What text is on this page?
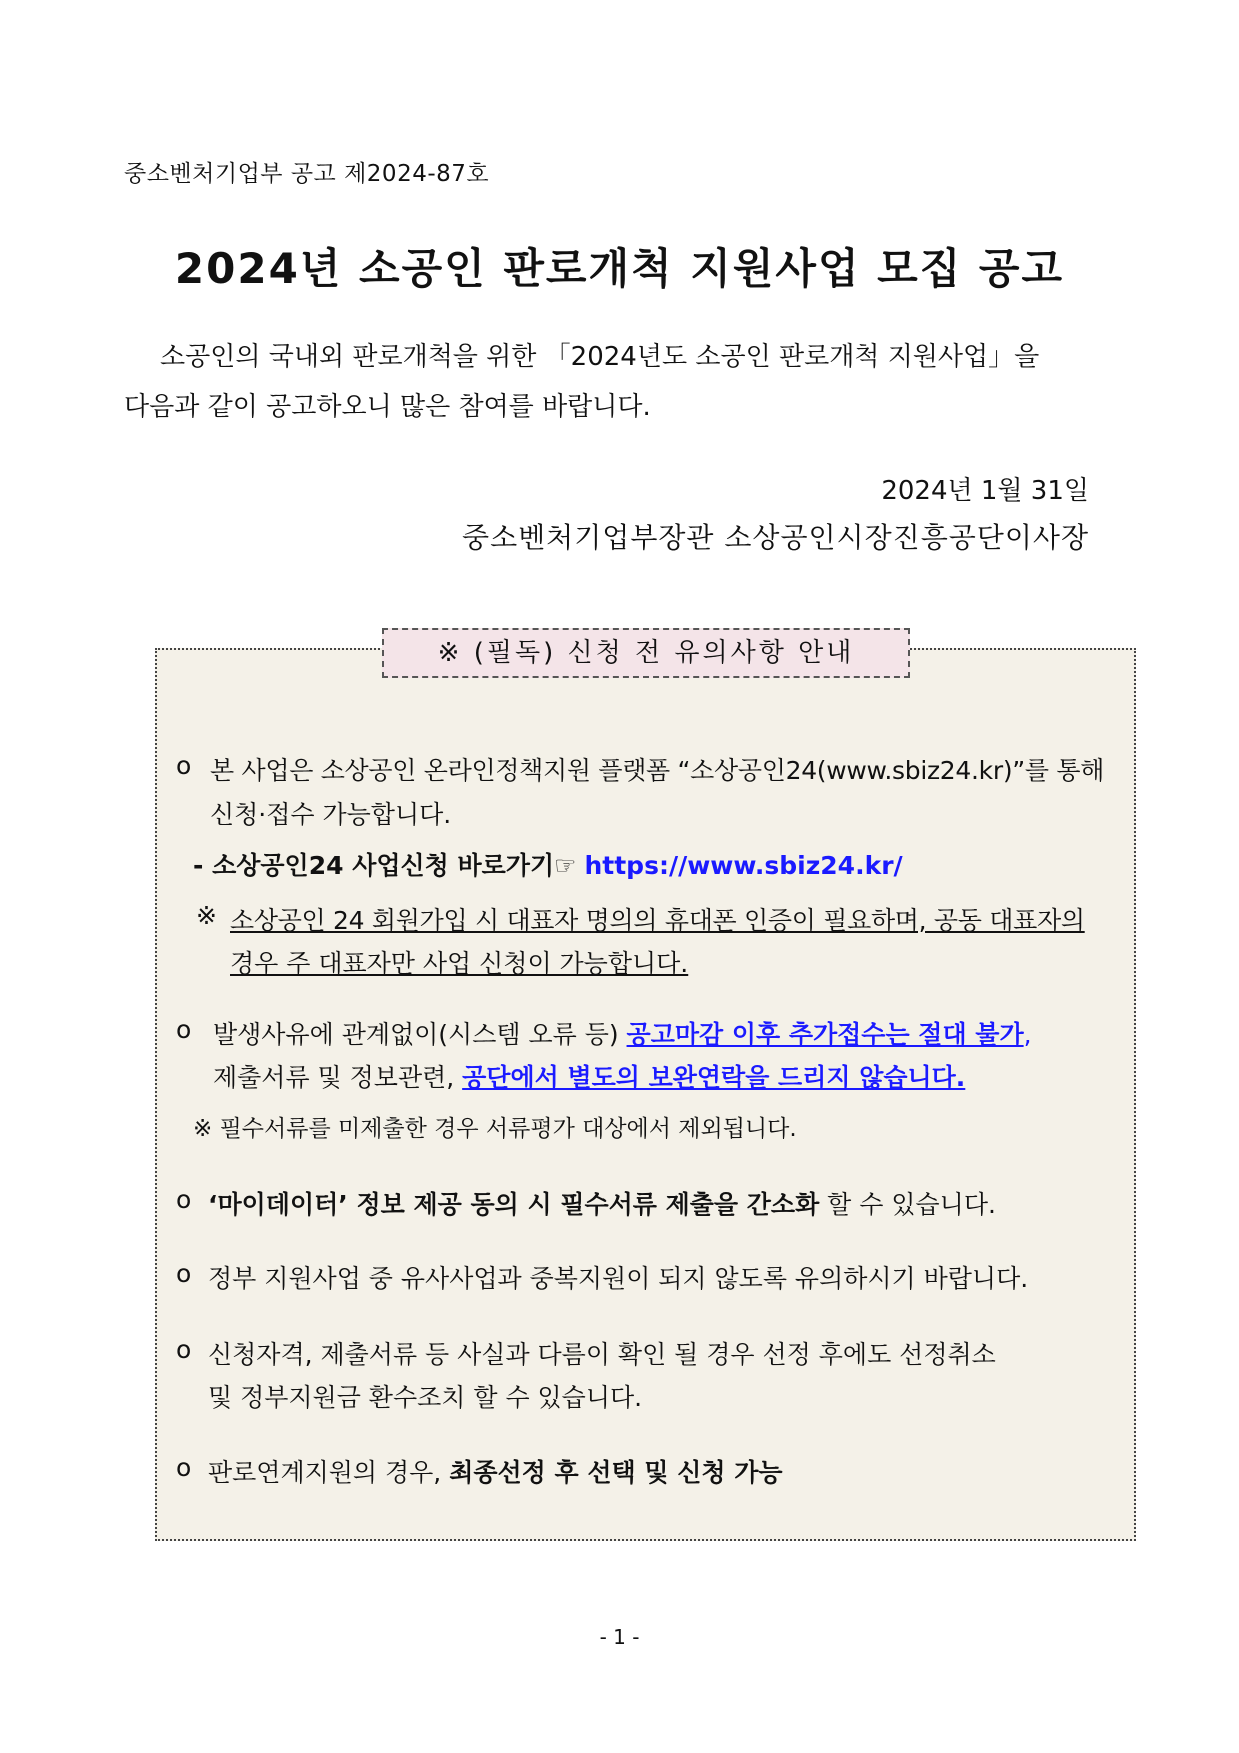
중소벤처기업부 공고 제2024-87호
2024년 소공인 판로개척 지원사업 모집 공고
소공인의 국내외 판로개척을 위한 「2024년도 소공인 판로개척 지원사업」을
다음과 같이 공고하오니 많은 참여를 바랍니다.
2024년 1월 31일
중소벤처기업부장관 소상공인시장진흥공단이사장
※ (필독) 신청 전 유의사항 안내
o 본 사업은 소상공인 온라인정책지원 플랫폼 “소상공인24(www.sbiz24.kr)”를 통해
신청·접수 가능합니다.
- 소상공인24 사업신청 바로가기☞ https://www.sbiz24.kr/
※ 소상공인 24 회원가입 시 대표자 명의의 휴대폰 인증이 필요하며, 공동 대표자의
경우 주 대표자만 사업 신청이 가능합니다.
o 발생사유에 관계없이(시스템 오류 등) 공고마감 이후 추가접수는 절대 불가,
제출서류 및 정보관련, 공단에서 별도의 보완연락을 드리지 않습니다.
※ 필수서류를 미제출한 경우 서류평가 대상에서 제외됩니다.
o ‘마이데이터’ 정보 제공 동의 시 필수서류 제출을 간소화 할 수 있습니다.
o 정부 지원사업 중 유사사업과 중복지원이 되지 않도록 유의하시기 바랍니다.
o 신청자격, 제출서류 등 사실과 다름이 확인 될 경우 선정 후에도 선정취소
및 정부지원금 환수조치 할 수 있습니다.
o 판로연계지원의 경우, 최종선정 후 선택 및 신청 가능
- 1 -
